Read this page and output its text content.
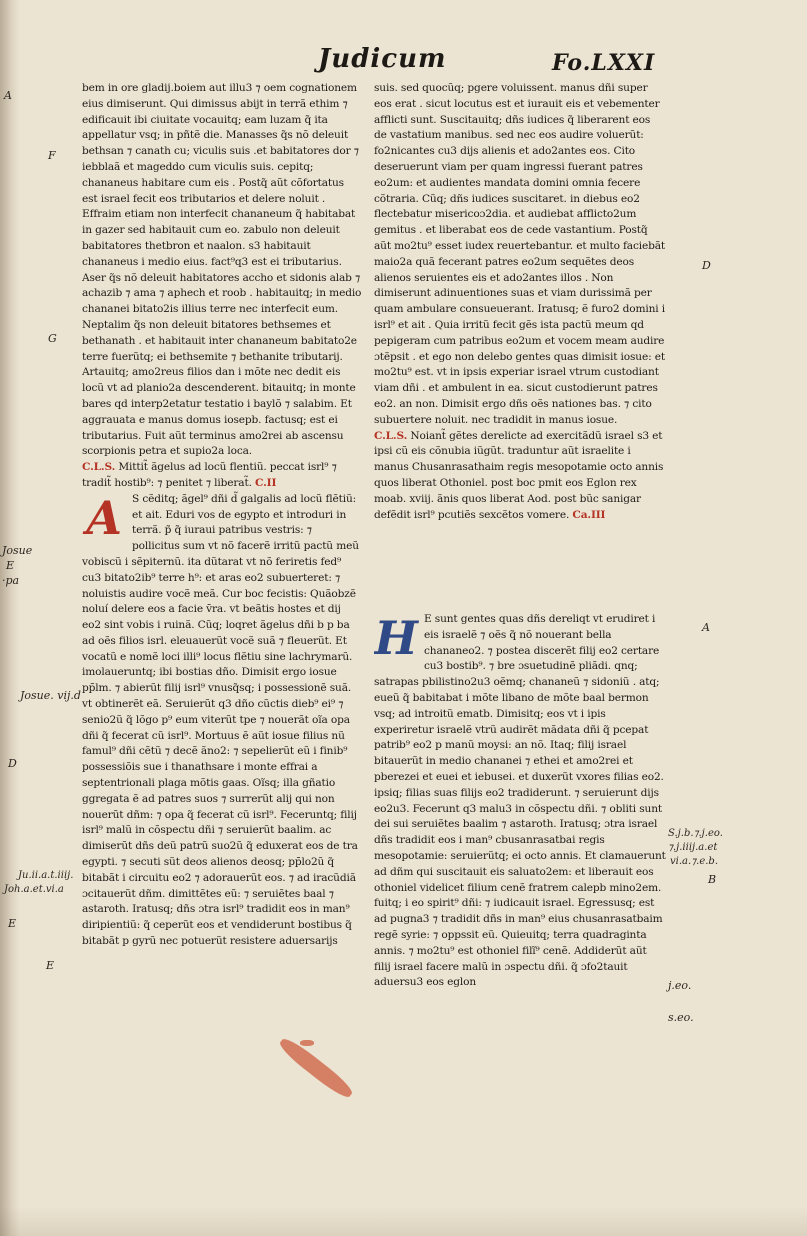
Judicum	Fo.LXXI

bem in ore gladij.boiem aut illu3 ⁊ oem cognationem eius dimiserunt. Qui dimissus abijt in terrã ethim ⁊ edificauit ibi ciuitate vocauitq; eam luzam q̃ ita appellatur vsq; in pñtẽ die. Manasses q̃s nõ deleuit bethsan ⁊ canath cu; viculis suis .et babitatores dor ⁊ iebblaã et mageddo cum viculis suis. cepitq; chananeus habitare cum eis . Postq̃ aũt cõfortatus est israel fecit eos tributarios et delere noluit . Effraim etiam non interfecit chananeum q̃ habitabat in gazer sed habitauit cum eo. zabulo non deleuit babitatores thetbron et naalon. s3 habitauit chananeus i medio eius. fact⁹q3 est ei tributarius. Aser q̃s nõ deleuit habitatores accho et sidonis alab ⁊ achazib ⁊ ama ⁊ aphech et roob . habitauitq; in medio chananei bitato2is illius terre nec interfecit eum. Neptalim q̃s non deleuit bitatores bethsemes et bethanath . et habitauit inter chananeum babitato2e terre fuerũtq; ei bethsemite ⁊ bethanite tributarij. Artauitq; amo2reus filios dan i mõte nec dedit eis locũ vt ad planio2a descenderent. bitauitq; in monte bares qd interp2etatur testatio i baylõ ⁊ salabim. Et aggrauata e manus domus iosepb. factusq; est ei tributarius. Fuit aũt terminus amo2rei ab ascensu scorpionis petra et supio2a loca.

C.L.S. Mittit̃ ãgelus ad locũ flentiũ. peccat isrl⁹ ⁊ tradit̃ hostib⁹: ⁊ penitet ⁊ liberat̃. C.II

A S cẽditq; ãgel⁹ dñi d̃ galgalis ad locũ flẽtiũ: et ait. Eduri vos de egypto et introduri in terrã. p̃ q̃ iuraui patribus vestris: ⁊ pollicitus sum vt nõ facerẽ irritũ pactũ meũ vobiscũ i sẽpiternũ. ita dũtarat vt nõ feriretis fed⁹ cu3 bitato2ib⁹ terre h⁹: et aras eo2 subuerteret: ⁊ noluistis audire vocẽ meã. Cur boc fecistis: Quãobzẽ noluí delere eos a facie v̄ra. vt beãtis hostes et dij eo2 sint vobis i ruinã. Cũq; loqret ãgelus dñi b p ba ad oẽs filios isrl. eleuauerũt vocẽ suã ⁊ fleuerũt. Et vocatũ e nomẽ loci illi⁹ locus flẽtiu sine lachrymarũ. imolaueruntq; ibi bostias dño. Dimisit ergo iosue pp̄lm. ⁊ abierũt filij isrl⁹ vnusq̃sq; i possessionẽ suã. vt obtinerẽt eã. Seruierũt q3 dño cũctis dieb⁹ ei⁹ ⁊ senio2ũ q̃ lõgo p⁹ eum viterũt tpe ⁊ nouerãt oĩa opa dñi q̃ fecerat cũ isrl⁹. Mortuus ẽ aũt iosue filius nũ famul⁹ dñi cẽtũ ⁊ decẽ ãno2: ⁊ sepelierũt eũ i finib⁹ possessiõis sue i thanathsare i monte effrai a septentrionali plaga mõtis gaas. Oĩsq; illa gñatio ggregata ẽ ad patres suos ⁊ surrerũt alij qui non nouerũt dñm: ⁊ opa q̃ fecerat cũ isrl⁹. Feceruntq; filij isrl⁹ malũ in cõspectu dñi ⁊ seruierũt baalim. ac dimiserũt dñs deũ patrũ suo2ũ q̃ eduxerat eos de tra egypti. ⁊ secuti sũt deos alienos deosq; pp̄lo2ũ q̃ bitabãt i circuitu eo2 ⁊ adorauerũt eos. ⁊ ad iracũdiã ɔcitauerũt dñm. dimittẽtes eũ: ⁊ seruiẽtes baal ⁊ astaroth. Iratusq; dñs ɔtra isrl⁹ tradidit eos in man⁹ diripientiũ: q̃ ceperũt eos et vendiderunt bostibus q̃ bitabãt p gyrũ nec potuerũt resistere aduersarijs

suis. sed quocũq; pgere voluissent. manus dñi super eos erat . sicut locutus est et iurauit eis et vebementer afflicti sunt. Suscitauitq; dñs iudices q̃ liberarent eos de vastatium manibus. sed nec eos audire voluerũt: fo2nicantes cu3 dijs alienis et ado2antes eos. Cito deseruerunt viam per quam ingressi fuerant patres eo2um: et audientes mandata domini omnia fecere cõtraria. Cũq; dñs iudices suscitaret. in diebus eo2 flectebatur misericoɔ2dia. et audiebat afflicto2um gemitus . et liberabat eos de cede vastantium. Postq̃ aũt mo2tu⁹ esset iudex reuertebantur. et multo faciebãt maio2a quã fecerant patres eo2um sequẽtes deos alienos seruientes eis et ado2antes illos . Non dimiserunt adinuentiones suas et viam durissimã per quam ambulare consueuerant. Iratusq; ẽ furo2 domini i isrl⁹ et ait . Quia irritũ fecit gẽs ista pactũ meum qd pepigeram cum patribus eo2um et vocem meam audire ɔtẽpsit . et ego non delebo gentes quas dimisit iosue: et mo2tu⁹ est. vt in ipsis experiar israel vtrum custodiant viam dñi . et ambulent in ea. sicut custodierunt patres eo2. an non. Dimisit ergo dñs oẽs nationes bas. ⁊ cito subuertere noluit. nec tradidit in manus iosue.

C.L.S. Noiant̃ gẽtes derelicte ad exercitãdũ israel s3 et ipsi cũ eis cõnubia iũgũt. traduntur aũt israelite i manus Chusanrasathaim regis mesopotamie octo annis quos liberat Othoniel. post boc pmit eos Eglon rex moab. xviij. ãnis quos liberat Aod. post bũc sanigar defẽdit isrl⁹ pcutiẽs sexcẽtos vomere. Ca.III

H E sunt gentes quas dñs dereliqt vt erudiret i eis israelẽ ⁊ oẽs q̃ nõ nouerant bella chananeo2. ⁊ postea discerẽt filij eo2 certare cu3 bostib⁹. ⁊ bre ɔsuetudinẽ pliãdi. qnq; satrapas pbilistino2u3 oẽmq; chananeũ ⁊ sidoniũ . atq; eueũ q̃ babitabat i mõte libano de mõte baal bermon vsq; ad introitũ ematb. Dimisitq; eos vt i ipis experiretur israelẽ vtrũ audirẽt mãdata dñi q̃ pcepat patrib⁹ eo2 p manũ moysi: an nõ. Itaq; filij israel bitauerũt in medio chananei ⁊ ethei et amo2rei et pberezei et euei et iebusei. et duxerũt vxores filias eo2. ipsiq; filias suas filijs eo2 tradiderunt. ⁊ seruierunt dijs eo2u3. Fecerunt q3 malu3 in cõspectu dñi. ⁊ obliti sunt dei sui seruiẽtes baalim ⁊ astaroth. Iratusq; ɔtra israel dñs tradidit eos i man⁹ cbusanrasatbai regis mesopotamie: seruierũtq; ei octo annis. Et clamauerunt ad dñm qui suscitauit eis saluato2em: et liberauit eos othoniel videlicet filium cenẽ fratrem calepb mino2em. fuitq; i eo spirit⁹ dñi: ⁊ iudicauit israel. Egressusq; est ad pugna3 ⁊ tradidit dñs in man⁹ eius chusanrasatbaim regẽ syrie: ⁊ oppssit eũ. Quieuitq; terra quadraginta annis. ⁊ mo2tu⁹ est othoniel filĩ⁹ cenẽ. Addiderũt aũt filij israel facere malũ in ɔspectu dñi. q̃ ɔfo2tauit aduersu3 eos eglon

A
F
G
Josue
E
·pa
Josue. vij.d
D
Ju.ii.a.t.iiij.
Joh.a.et.vi.a
E
E
D
A
S.j.b.⁊.j.eo.
⁊.j.iiij.a.et
vi.a.⁊.e.b.
B
j.eo.
s.eo.
